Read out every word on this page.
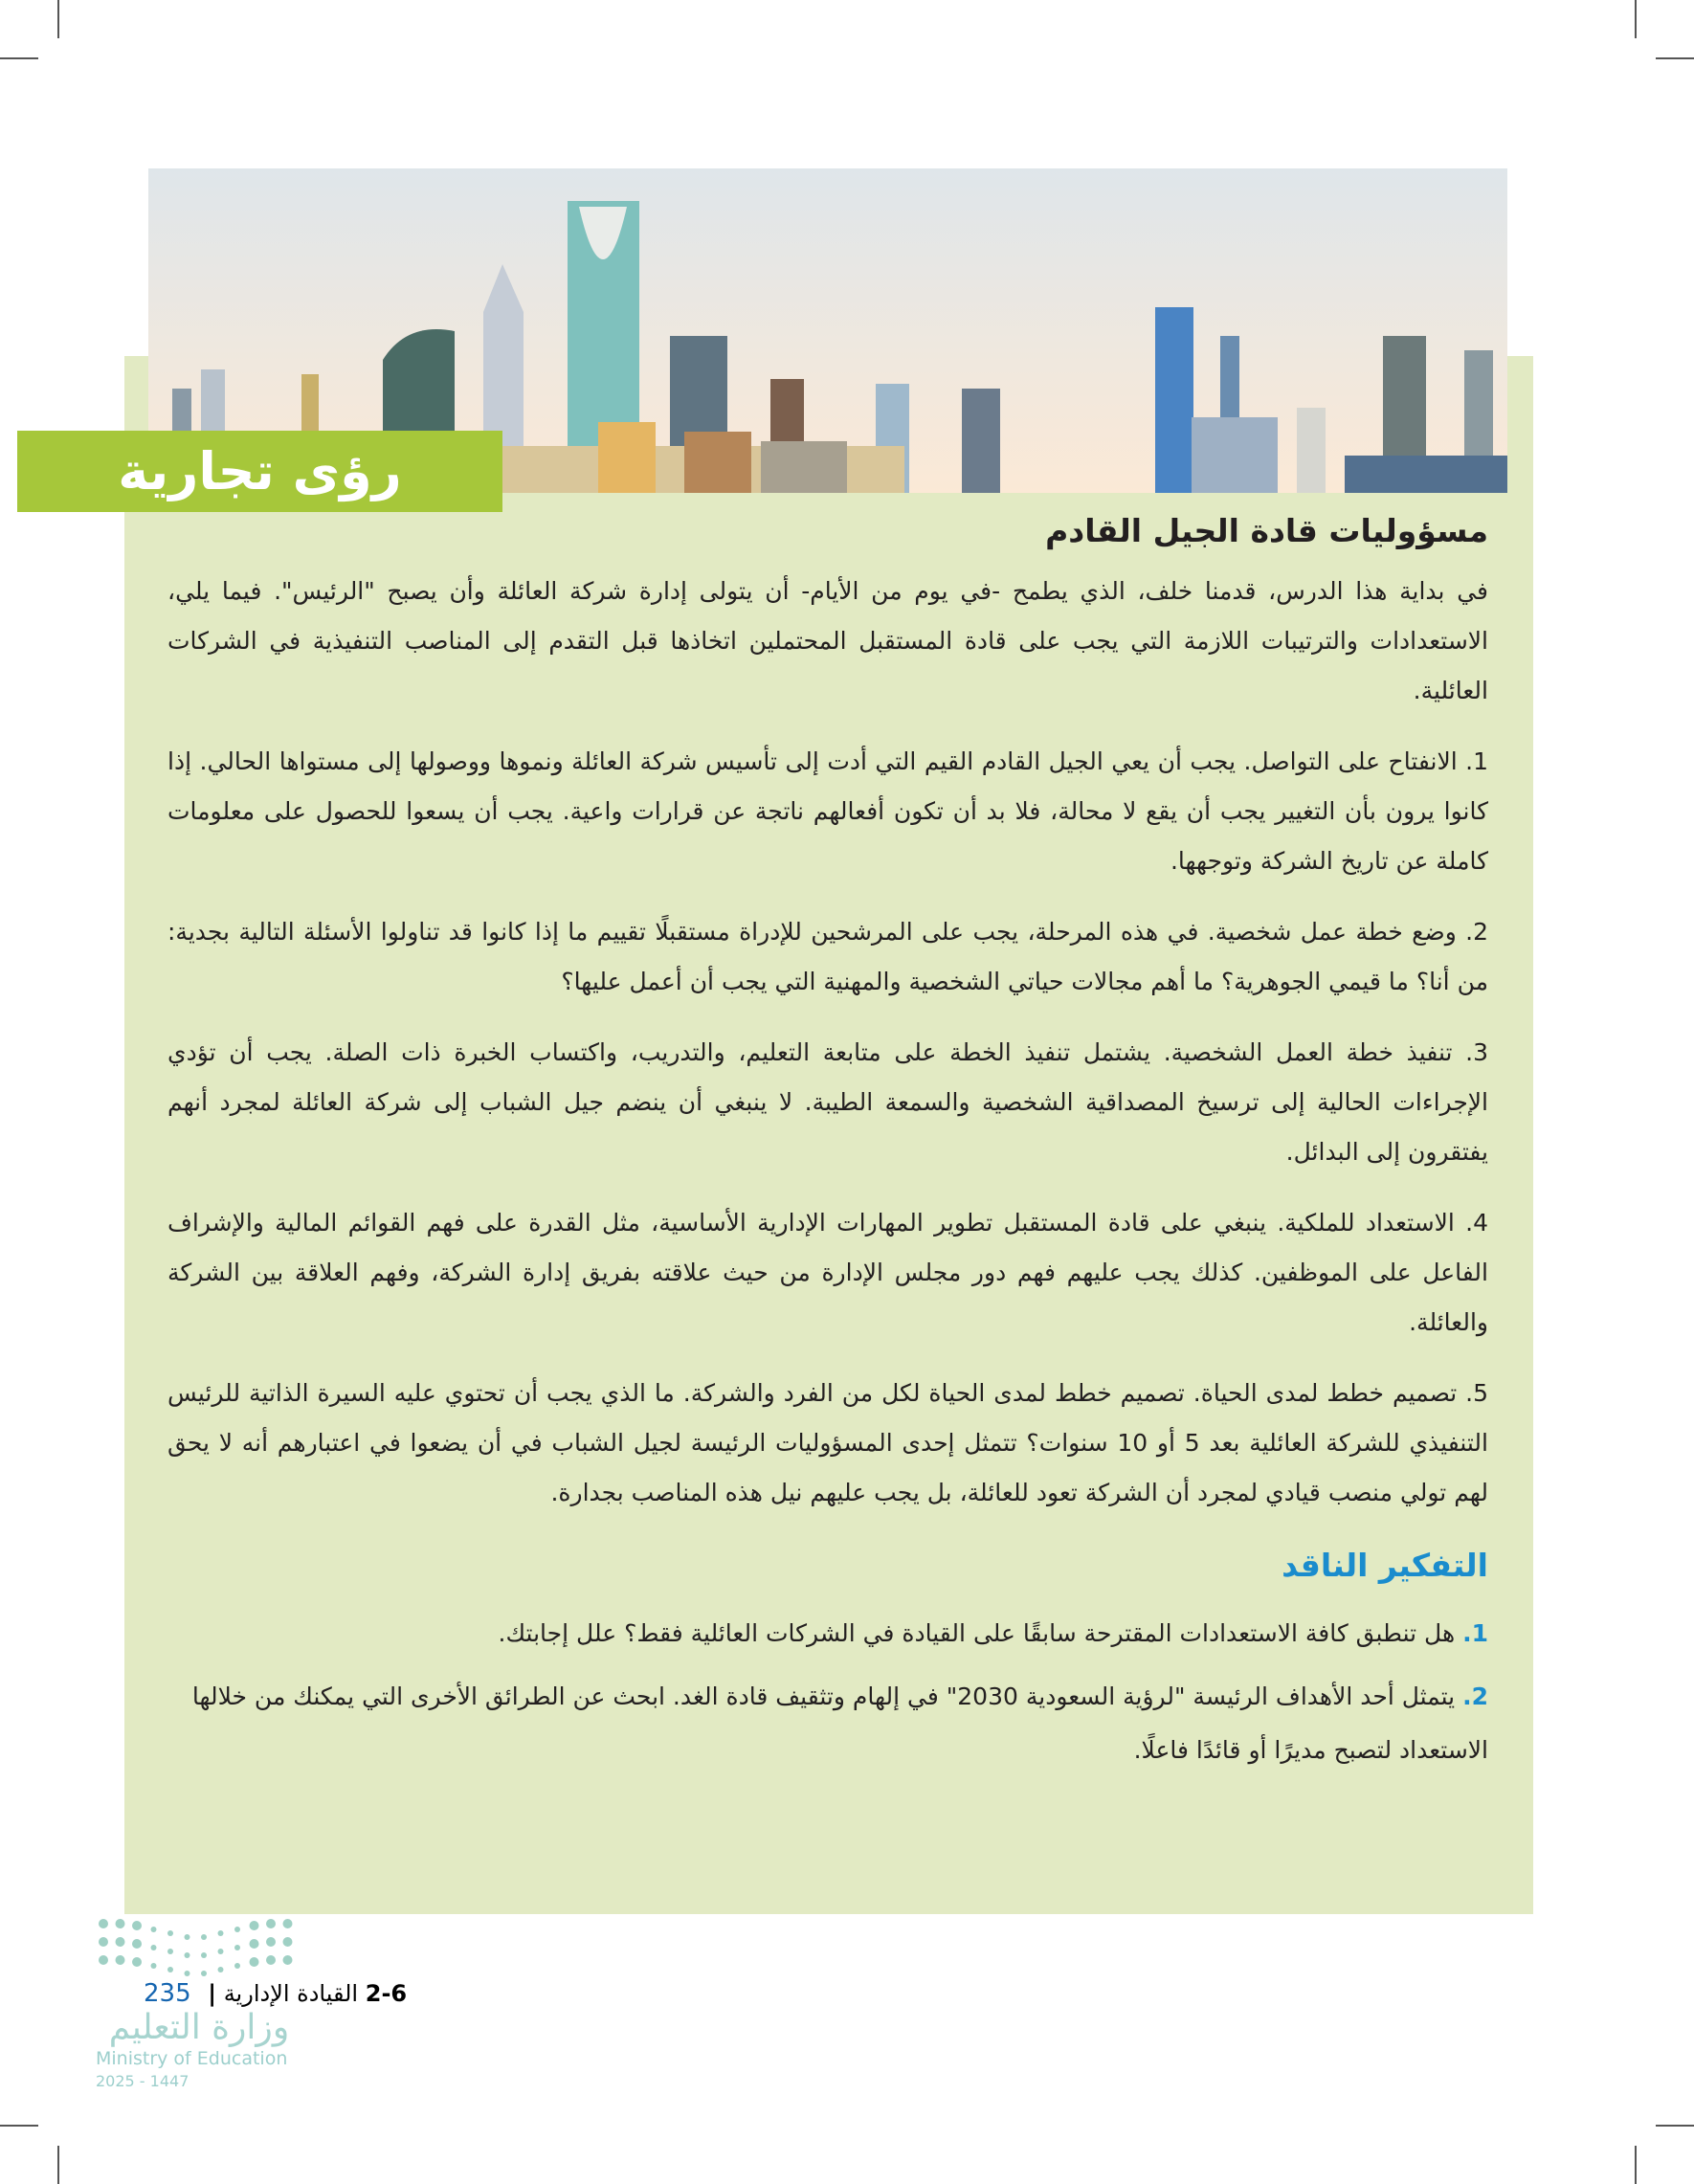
رؤى تجارية
مسؤوليات قادة الجيل القادم

في بداية هذا الدرس، قدمنا خلف، الذي يطمح -في يوم من الأيام- أن يتولى إدارة شركة العائلة وأن يصبح "الرئيس". فيما يلي، الاستعدادات والترتيبات اللازمة التي يجب على قادة المستقبل المحتملين اتخاذها قبل التقدم إلى المناصب التنفيذية في الشركات العائلية.

1. الانفتاح على التواصل. يجب أن يعي الجيل القادم القيم التي أدت إلى تأسيس شركة العائلة ونموها ووصولها إلى مستواها الحالي. إذا كانوا يرون بأن التغيير يجب أن يقع لا محالة، فلا بد أن تكون أفعالهم ناتجة عن قرارات واعية. يجب أن يسعوا للحصول على معلومات كاملة عن تاريخ الشركة وتوجهها.

2. وضع خطة عمل شخصية. في هذه المرحلة، يجب على المرشحين للإدراة مستقبلًا تقييم ما إذا كانوا قد تناولوا الأسئلة التالية بجدية: من أنا؟ ما قيمي الجوهرية؟ ما أهم مجالات حياتي الشخصية والمهنية التي يجب أن أعمل عليها؟

3. تنفيذ خطة العمل الشخصية. يشتمل تنفيذ الخطة على متابعة التعليم، والتدريب، واكتساب الخبرة ذات الصلة. يجب أن تؤدي الإجراءات الحالية إلى ترسيخ المصداقية الشخصية والسمعة الطيبة. لا ينبغي أن ينضم جيل الشباب إلى شركة العائلة لمجرد أنهم يفتقرون إلى البدائل.

4. الاستعداد للملكية. ينبغي على قادة المستقبل تطوير المهارات الإدارية الأساسية، مثل القدرة على فهم القوائم المالية والإشراف الفاعل على الموظفين. كذلك يجب عليهم فهم دور مجلس الإدارة من حيث علاقته بفريق إدارة الشركة، وفهم العلاقة بين الشركة والعائلة.

5. تصميم خطط لمدى الحياة. تصميم خطط لمدى الحياة لكل من الفرد والشركة. ما الذي يجب أن تحتوي عليه السيرة الذاتية للرئيس التنفيذي للشركة العائلية بعد 5 أو 10 سنوات؟ تتمثل إحدى المسؤوليات الرئيسة لجيل الشباب في أن يضعوا في اعتبارهم أنه لا يحق لهم تولي منصب قيادي لمجرد أن الشركة تعود للعائلة، بل يجب عليهم نيل هذه المناصب بجدارة.

التفكير الناقد
1. هل تنطبق كافة الاستعدادات المقترحة سابقًا على القيادة في الشركات العائلية فقط؟ علل إجابتك.
2. يتمثل أحد الأهداف الرئيسة "لرؤية السعودية 2030" في إلهام وتثقيف قادة الغد. ابحث عن الطرائق الأخرى التي يمكنك من خلالها الاستعداد لتصبح مديرًا أو قائدًا فاعلًا.
2-6 القيادة الإدارية | 235
وزارة التعليم
Ministry of Education
2025 - 1447
